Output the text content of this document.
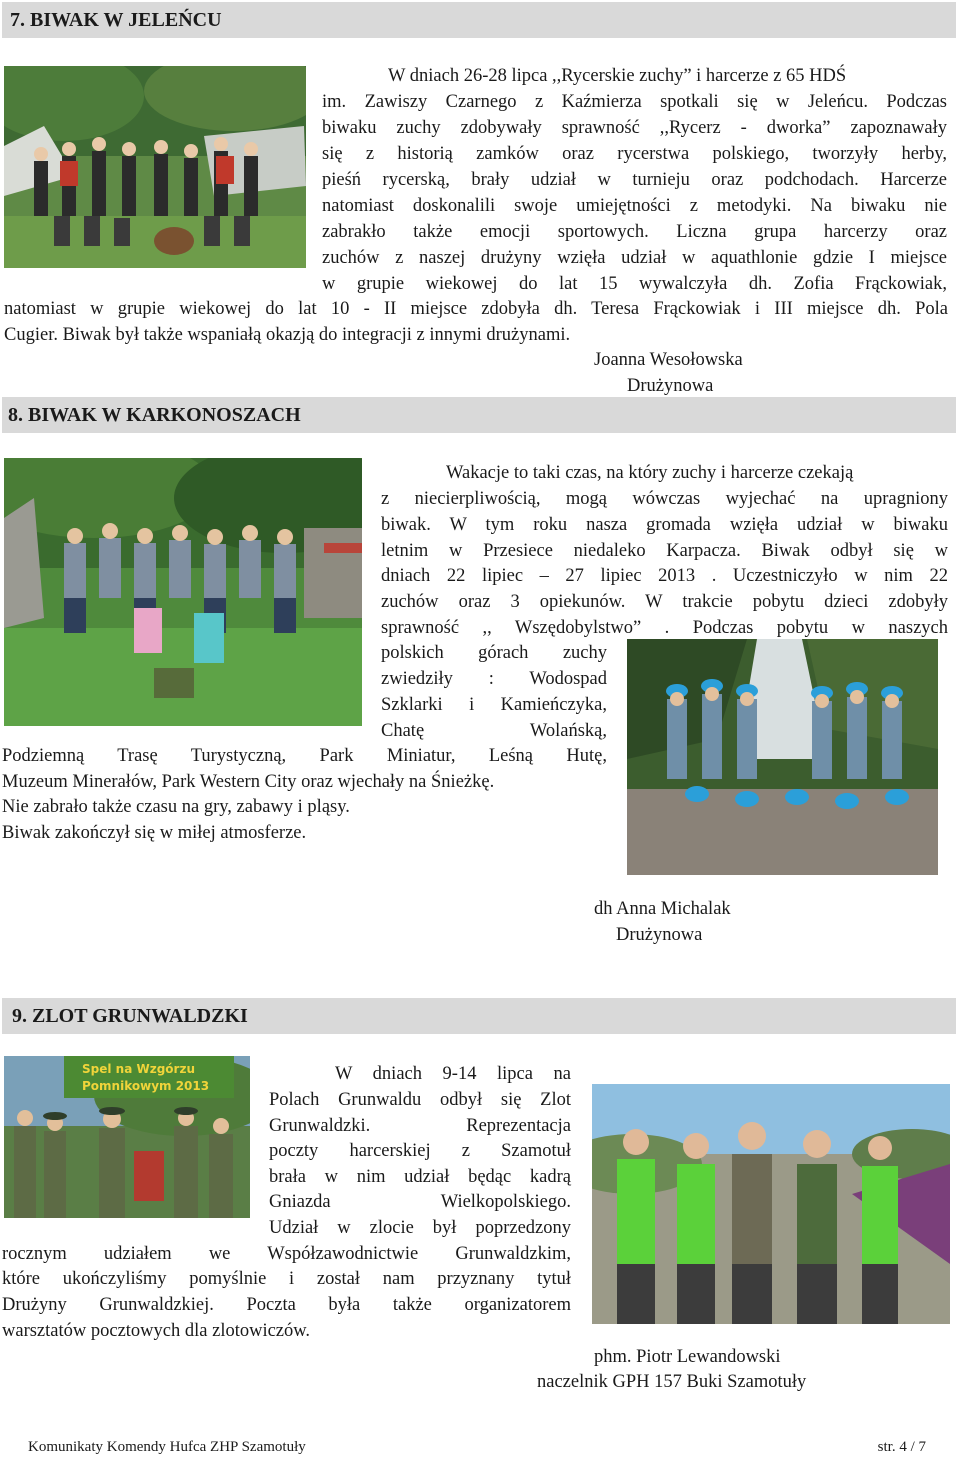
7. BIWAK W JELEŃCU
W dniach 26-28 lipca ,,Rycerskie zuchy” i harcerze z 65 HDŚ
im. Zawiszy Czarnego z Kaźmierza spotkali się w Jeleńcu. Podczas
biwaku zuchy zdobywały sprawność ,,Rycerz - dworka” zapoznawały
się z historią zamków oraz rycerstwa polskiego, tworzyły herby,
pieśń rycerską, brały udział w turnieju oraz podchodach. Harcerze
natomiast doskonalili swoje umiejętności z metodyki. Na biwaku nie
zabrakło także emocji sportowych. Liczna grupa harcerzy oraz
zuchów z naszej drużyny wzięła udział w aquathlonie gdzie I miejsce
w grupie wiekowej do lat 15 wywalczyła dh. Zofia Frąckowiak,
natomiast w grupie wiekowej do lat 10 - II miejsce zdobyła dh. Teresa Frąckowiak i III miejsce dh. Pola
Cugier. Biwak był także wspaniałą okazją do integracji z innymi drużynami.
Joanna Wesołowska
Drużynowa
8. BIWAK W KARKONOSZACH
Wakacje to taki czas, na który zuchy i harcerze czekają
z niecierpliwością, mogą wówczas wyjechać na upragniony
biwak. W tym roku nasza gromada wzięła udział w biwaku
letnim w Przesiece niedaleko Karpacza. Biwak odbył się w
dniach 22 lipiec – 27 lipiec 2013 . Uczestniczyło w nim 22
zuchów oraz 3 opiekunów. W trakcie pobytu dzieci zdobyły
sprawność ,, Wszędobylstwo” . Podczas pobytu w naszych
polskich górach zuchy
zwiedziły : Wodospad
Szklarki i Kamieńczyka,
Chatę Wolańską,
Podziemną Trasę Turystyczną, Park Miniatur, Leśną Hutę,
Muzeum Minerałów, Park Western City oraz wjechały na Śnieżkę.
Nie zabrało także czasu na gry, zabawy i pląsy.
Biwak zakończył się w miłej atmosferze.
dh Anna Michalak
Drużynowa
9. ZLOT GRUNWALDZKI
Spel na Wzgórzu
Pomnikowym 2013
W dniach 9-14 lipca na
Polach Grunwaldu odbył się Zlot
Grunwaldzki. Reprezentacja
poczty harcerskiej z Szamotuł
brała w nim udział będąc kadrą
Gniazda Wielkopolskiego.
Udział w zlocie był poprzedzony
rocznym udziałem we Współzawodnictwie Grunwaldzkim,
które ukończyliśmy pomyślnie i został nam przyznany tytuł
Drużyny Grunwaldzkiej. Poczta była także organizatorem
warsztatów pocztowych dla zlotowiczów.
phm. Piotr Lewandowski
naczelnik GPH 157 Buki Szamotuły
Komunikaty Komendy Hufca ZHP Szamotuły	str. 4 / 7
